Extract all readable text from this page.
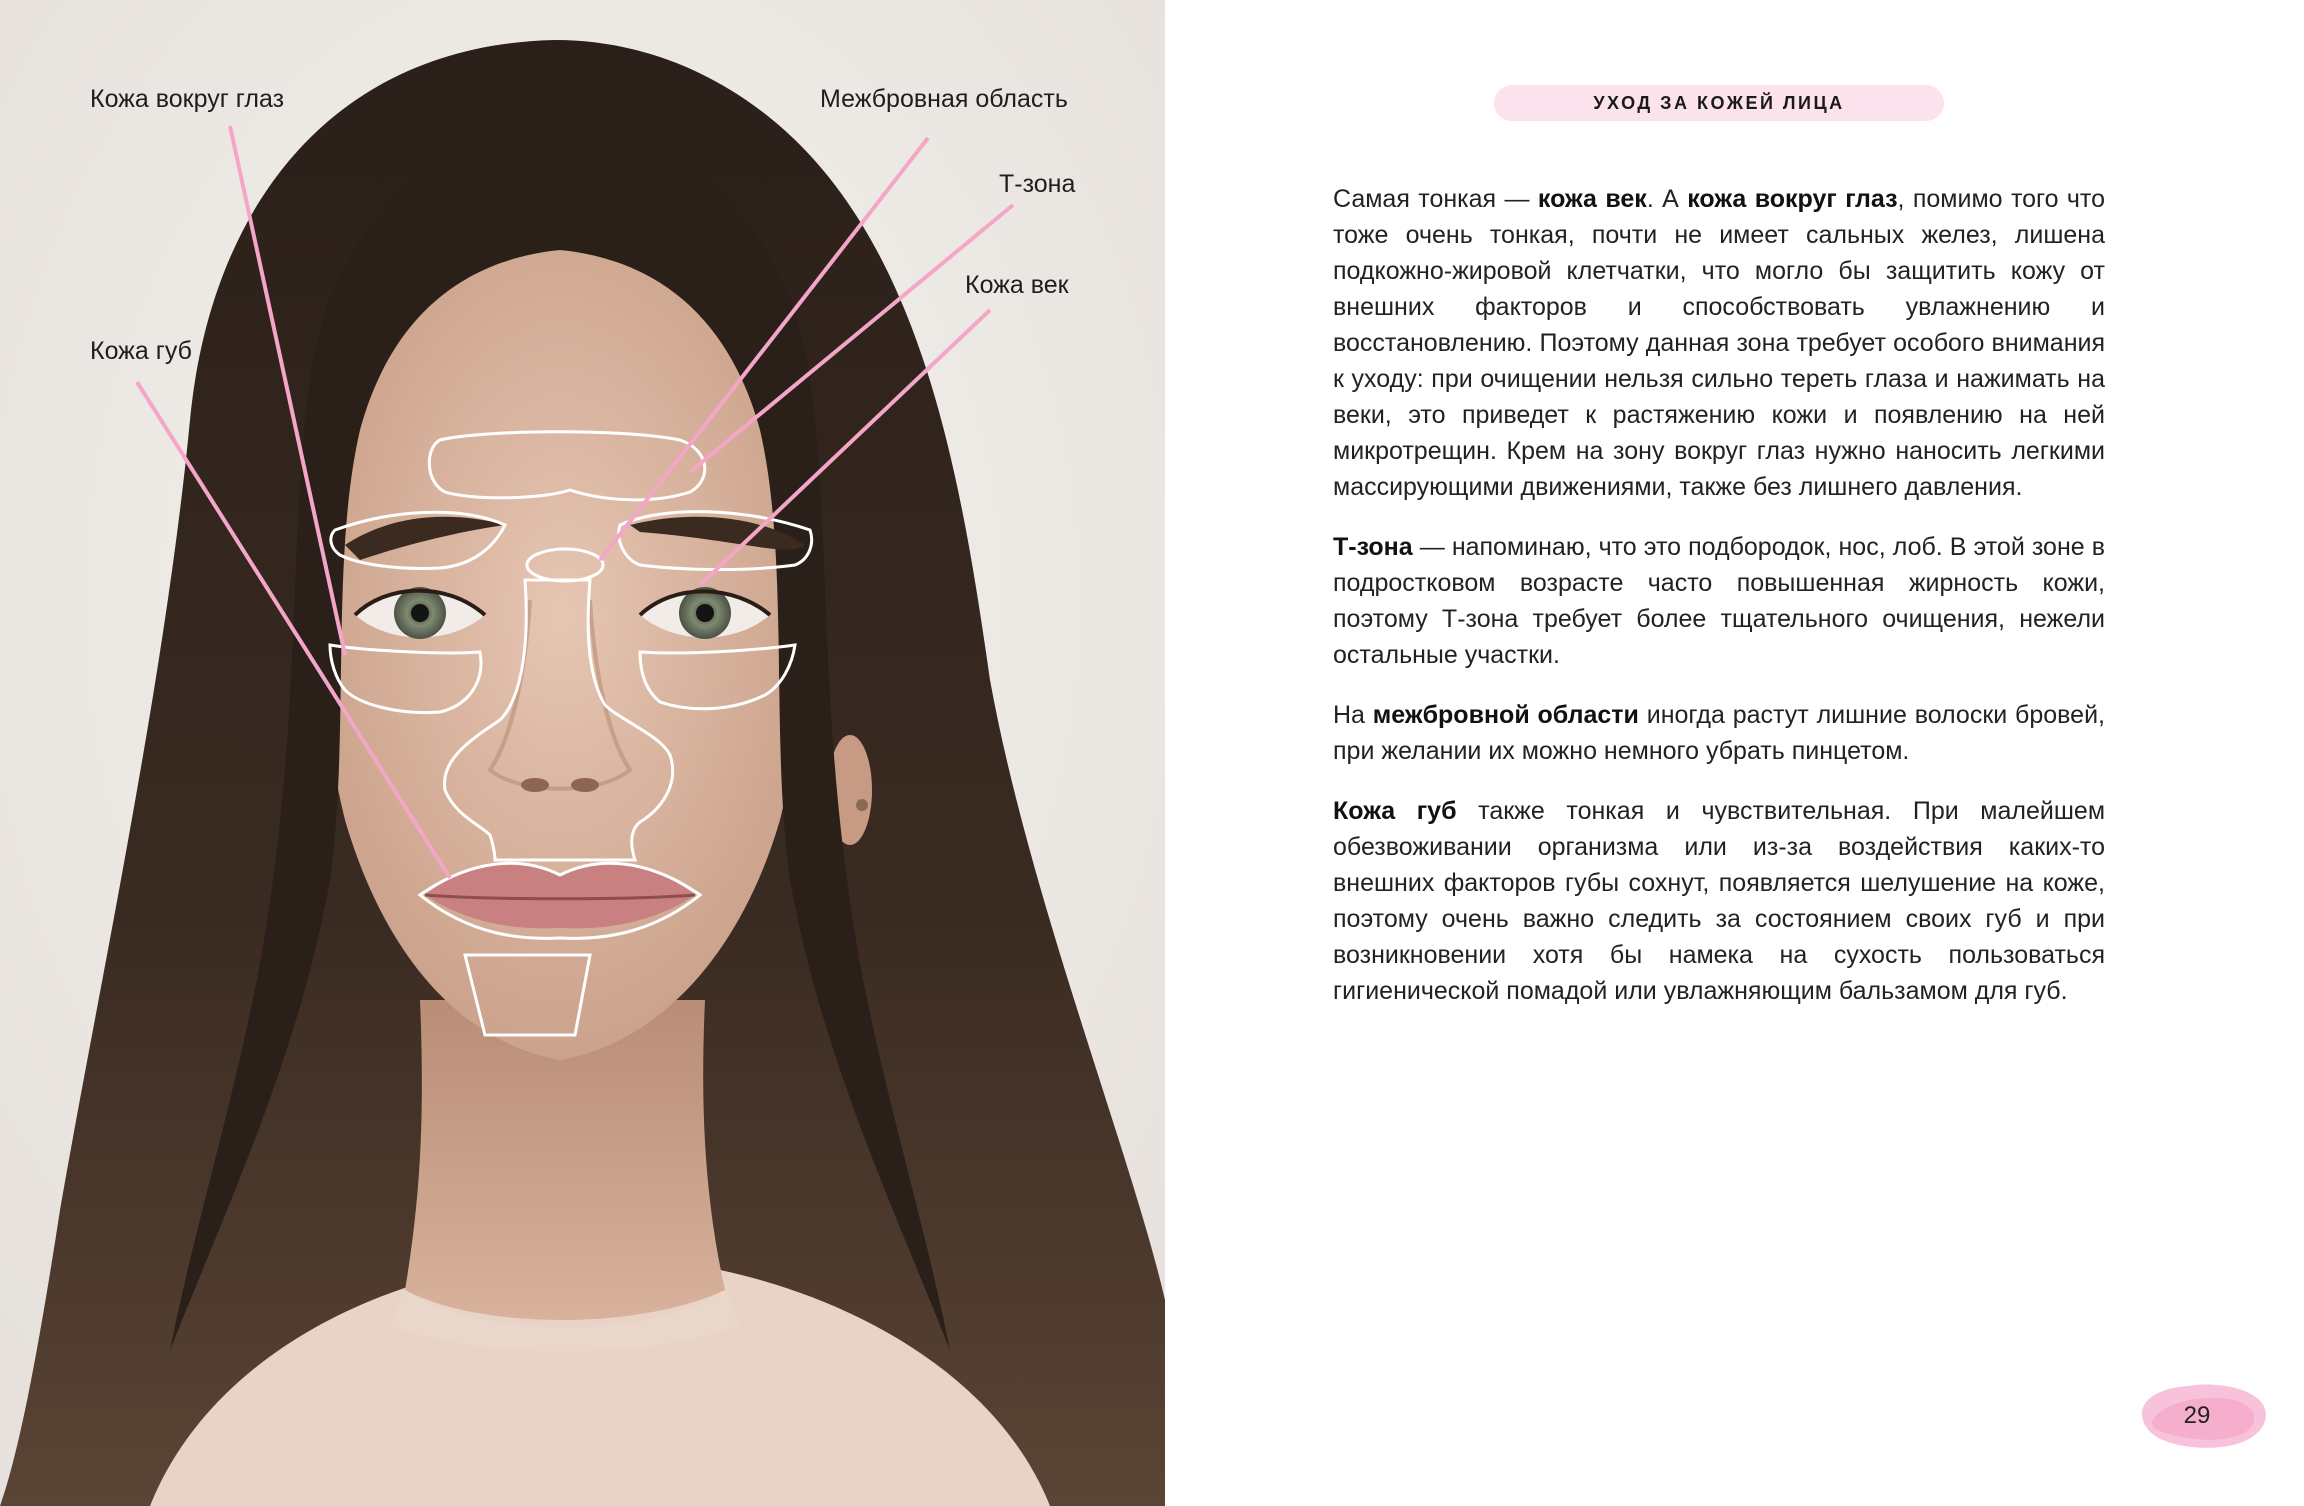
Кожа вокруг глаз	Межбровная область
Т-зона
Кожа век
Кожа губ
УХОД ЗА КОЖЕЙ ЛИЦА

Самая тонкая — кожа век. А кожа вокруг глаз, помимо того что тоже очень тонкая, почти не имеет сальных желез, лишена подкожно-жировой клетчатки, что могло бы защитить кожу от внешних факторов и способствовать увлажнению и восстановлению. Поэтому данная зона требует особого внимания к уходу: при очищении нельзя сильно тереть глаза и нажимать на веки, это приведет к растяжению кожи и появлению на ней микротрещин. Крем на зону вокруг глаз нужно наносить легкими массирующими движениями, также без лишнего давления.

Т-зона — напоминаю, что это подбородок, нос, лоб. В этой зоне в подростковом возрасте часто повышенная жирность кожи, поэтому Т-зона требует более тщательного очищения, нежели остальные участки.

На межбровной области иногда растут лишние волоски бровей, при желании их можно немного убрать пинцетом.

Кожа губ также тонкая и чувствительная. При малейшем обезвоживании организма или из-за воздействия каких-то внешних факторов губы сохнут, появляется шелушение на коже, поэтому очень важно следить за состоянием своих губ и при возникновении хотя бы намека на сухость пользоваться гигиенической помадой или увлажняющим бальзамом для губ.

29
